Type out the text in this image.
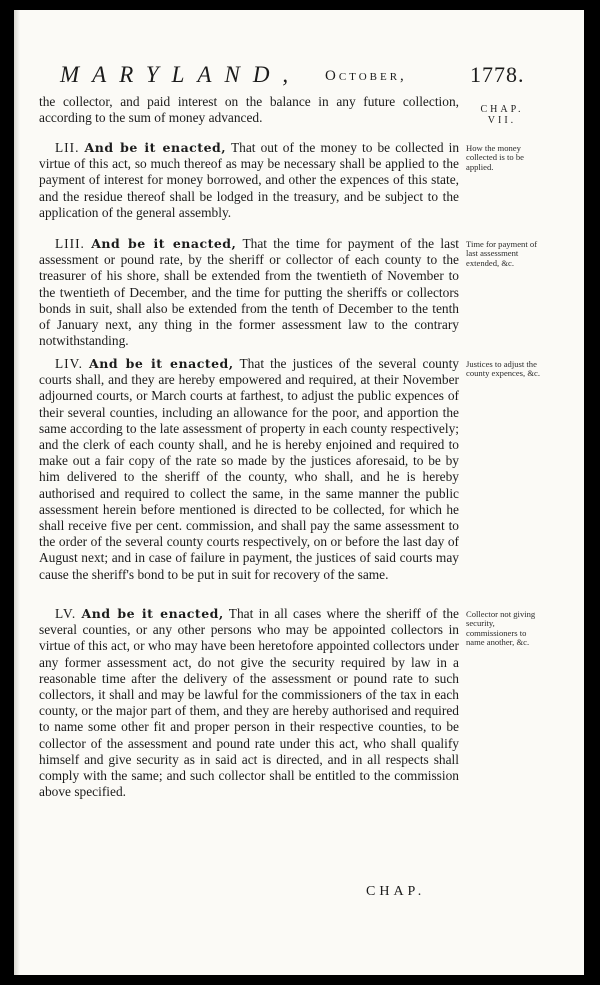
MARYLAND, October,	1778.
CHAP.
VII.

the collector, and paid interest on the balance in any future collection, according to the sum of money advanced.

LII. And be it enacted, That out of the money to be collected in virtue of this act, so much thereof as may be necessary shall be applied to the payment of interest for money borrowed, and other the expences of this state, and the residue thereof shall be lodged in the treasury, and be subject to the application of the general assembly.

How the money collected is to be applied.

LIII. And be it enacted, That the time for payment of the last assessment or pound rate, by the sheriff or collector of each county to the treasurer of his shore, shall be extended from the twentieth of November to the twentieth of December, and the time for putting the sheriffs or collectors bonds in suit, shall also be extended from the tenth of December to the tenth of January next, any thing in the former assessment law to the contrary notwithstanding.

Time for payment of last assessment extended, &c.

LIV. And be it enacted, That the justices of the several county courts shall, and they are hereby empowered and required, at their November adjourned courts, or March courts at farthest, to adjust the public expences of their several counties, including an allowance for the poor, and apportion the same according to the late assessment of property in each county respectively; and the clerk of each county shall, and he is hereby enjoined and required to make out a fair copy of the rate so made by the justices aforesaid, to be by him delivered to the sheriff of the county, who shall, and he is hereby authorised and required to collect the same, in the same manner the public assessment herein before mentioned is directed to be collected, for which he shall receive five per cent. commission, and shall pay the same assessment to the order of the several county courts respectively, on or before the last day of August next; and in case of failure in payment, the justices of said courts may cause the sheriff's bond to be put in suit for recovery of the same.

Justices to adjust the county expences, &c.

LV. And be it enacted, That in all cases where the sheriff of the several counties, or any other persons who may be appointed collectors in virtue of this act, or who may have been heretofore appointed collectors under any former assessment act, do not give the security required by law in a reasonable time after the delivery of the assessment or pound rate to such collectors, it shall and may be lawful for the commissioners of the tax in each county, or the major part of them, and they are hereby authorised and required to name some other fit and proper person in their respective counties, to be collector of the assessment and pound rate under this act, who shall qualify himself and give security as in said act is directed, and in all respects shall comply with the same; and such collector shall be entitled to the commission above specified.

Collector not giving security, commissioners to name another, &c.
CHAP.
